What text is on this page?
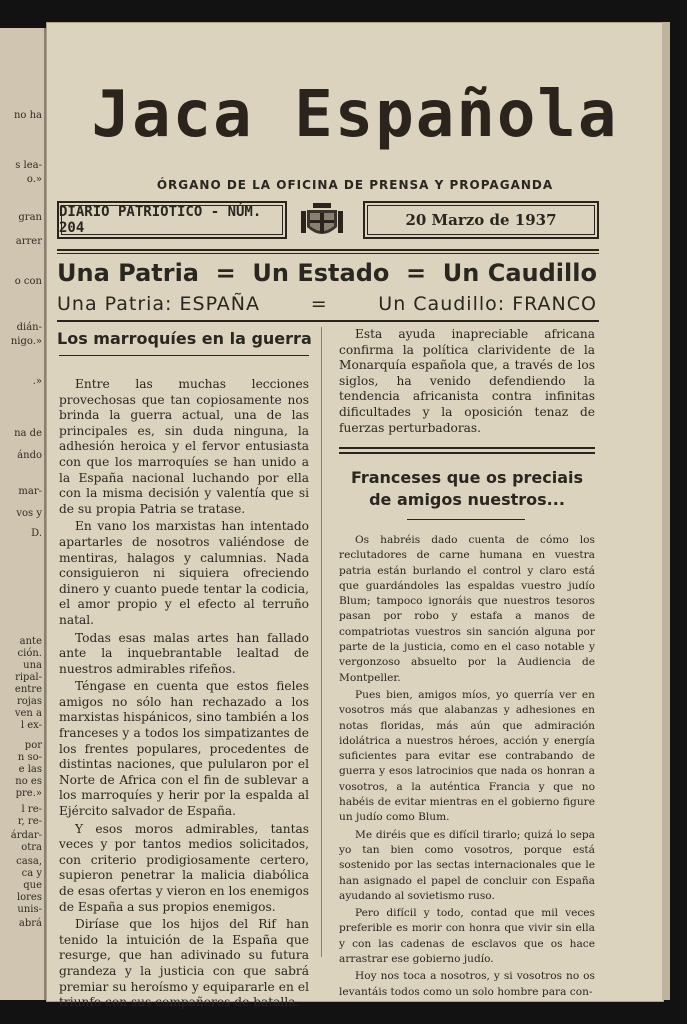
no ha
s lea-
o.»
gran
arrer
o con
dián-
nigo.»
.»
na de
ándo
mar-
vos y
D.
ante
ción.
una
ripal-
entre
rojas
ven a
l ex-
por
n so-
e las
no es
pre.»
l re-
r, re-
árdar-
otra
casa,
ca y
que
lores
unis-
abrá
Jaca Española
ÓRGANO DE LA OFICINA DE PRENSA Y PROPAGANDA
DIARIO PATRIOTICO - NÚM. 204	20 Marzo de 1937
Una Patria = Un Estado = Un Caudillo
Una Patria: ESPAÑA	=	Un Caudillo: FRANCO
Los marroquíes en la guerra

Entre las muchas lecciones provechosas que tan copiosamente nos brinda la guerra actual, una de las principales es, sin duda ninguna, la adhesión heroica y el fervor entusiasta con que los marroquíes se han unido a la España nacional luchando por ella con la misma decisión y valentía que si de su propia Patria se tratase.

En vano los marxistas han intentado apartarles de nosotros valiéndose de mentiras, halagos y calumnias. Nada consiguieron ni siquiera ofreciendo dinero y cuanto puede tentar la codicia, el amor propio y el efecto al terruño natal.

Todas esas malas artes han fallado ante la inquebrantable lealtad de nuestros admirables rifeños.

Téngase en cuenta que estos fieles amigos no sólo han rechazado a los marxistas hispánicos, sino también a los franceses y a todos los simpatizantes de los frentes populares, procedentes de distintas naciones, que pulularon por el Norte de Africa con el fin de sublevar a los marroquíes y herir por la espalda al Ejército salvador de España.

Y esos moros admirables, tantas veces y por tantos medios solicitados, con criterio prodigiosamente certero, supieron penetrar la malicia diabólica de esas ofertas y vieron en los enemigos de España a sus propios enemigos.

Diríase que los hijos del Rif han tenido la intuición de la España que resurge, que han adivinado su futura grandeza y la justicia con que sabrá premiar su heroísmo y equipararle en el triunfo con sus compañeros de batalla.

Esta ayuda inapreciable africana confirma la política clarividente de la Monarquía española que, a través de los siglos, ha venido defendiendo la tendencia africanista contra infinitas dificultades y la oposición tenaz de fuerzas perturbadoras.

Franceses que os preciais de amigos nuestros...

Os habréis dado cuenta de cómo los reclutadores de carne humana en vuestra patria están burlando el control y claro está que guardándoles las espaldas vuestro judío Blum; tampoco ignoráis que nuestros tesoros pasan por robo y estafa a manos de compatriotas vuestros sin sanción alguna por parte de la justicia, como en el caso notable y vergonzoso absuelto por la Audiencia de Montpeller.

Pues bien, amigos míos, yo querría ver en vosotros más que alabanzas y adhesiones en notas floridas, más aún que admiración idolátrica a nuestros héroes, acción y energía suficientes para evitar ese contrabando de guerra y esos latrocinios que nada os honran a vosotros, a la auténtica Francia y que no habéis de evitar mientras en el gobierno figure un judío como Blum.

Me diréis que es difícil tirarlo; quizá lo sepa yo tan bien como vosotros, porque está sostenido por las sectas internacionales que le han asignado el papel de concluir con España ayudando al sovietismo ruso.

Pero difícil y todo, contad que mil veces preferible es morir con honra que vivir sin ella y con las cadenas de esclavos que os hace arrastrar ese gobierno judío.

Hoy nos toca a nosotros, y si vosotros no os levantáis todos como un solo hombre para con-
